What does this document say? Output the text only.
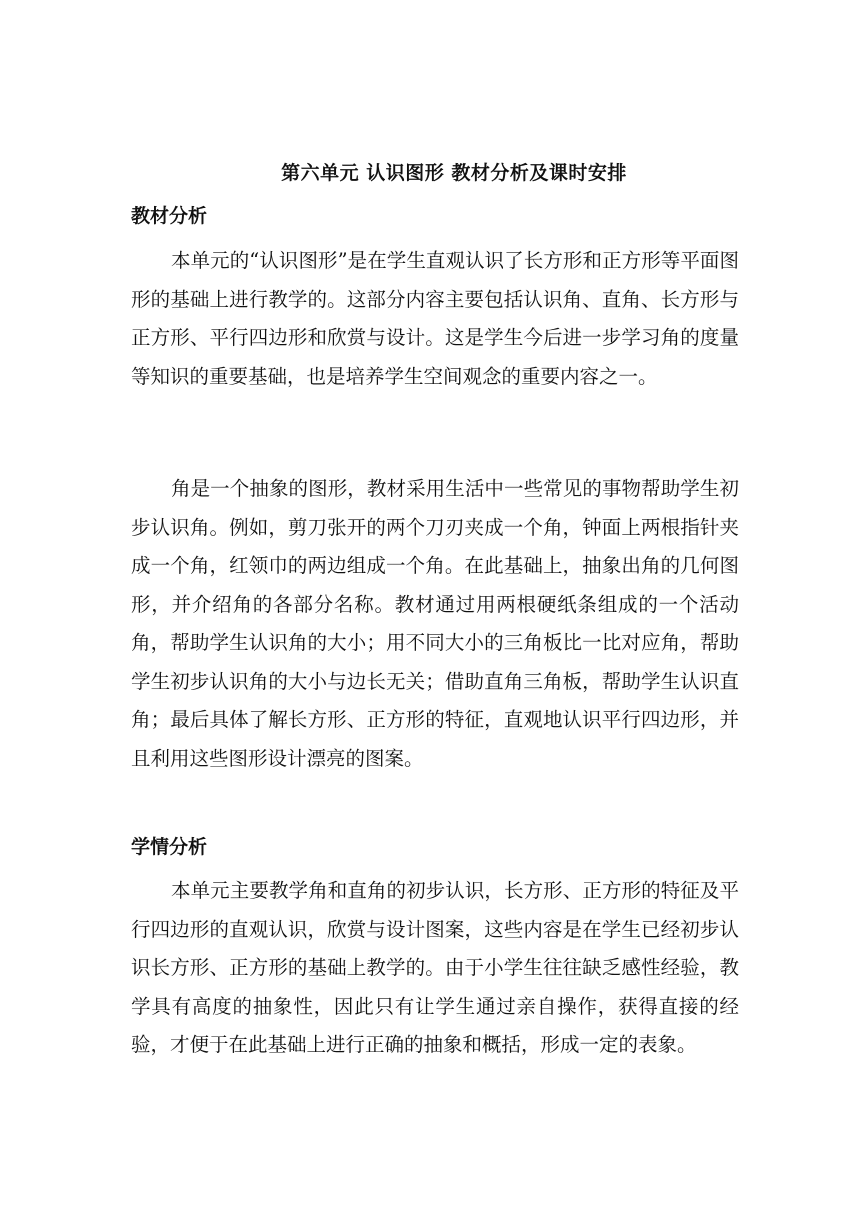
第六单元 认识图形 教材分析及课时安排
教材分析

本单元的“认识图形”是在学生直观认识了长方形和正方形等平面图形的基础上进行教学的。这部分内容主要包括认识角、直角、长方形与正方形、平行四边形和欣赏与设计。这是学生今后进一步学习角的度量等知识的重要基础，也是培养学生空间观念的重要内容之一。

角是一个抽象的图形，教材采用生活中一些常见的事物帮助学生初步认识角。例如，剪刀张开的两个刀刃夹成一个角，钟面上两根指针夹成一个角，红领巾的两边组成一个角。在此基础上，抽象出角的几何图形，并介绍角的各部分名称。教材通过用两根硬纸条组成的一个活动角，帮助学生认识角的大小；用不同大小的三角板比一比对应角，帮助学生初步认识角的大小与边长无关；借助直角三角板，帮助学生认识直角；最后具体了解长方形、正方形的特征，直观地认识平行四边形，并且利用这些图形设计漂亮的图案。

学情分析

本单元主要教学角和直角的初步认识，长方形、正方形的特征及平行四边形的直观认识，欣赏与设计图案，这些内容是在学生已经初步认识长方形、正方形的基础上教学的。由于小学生往往缺乏感性经验，教学具有高度的抽象性，因此只有让学生通过亲自操作，获得直接的经验，才便于在此基础上进行正确的抽象和概括，形成一定的表象。
